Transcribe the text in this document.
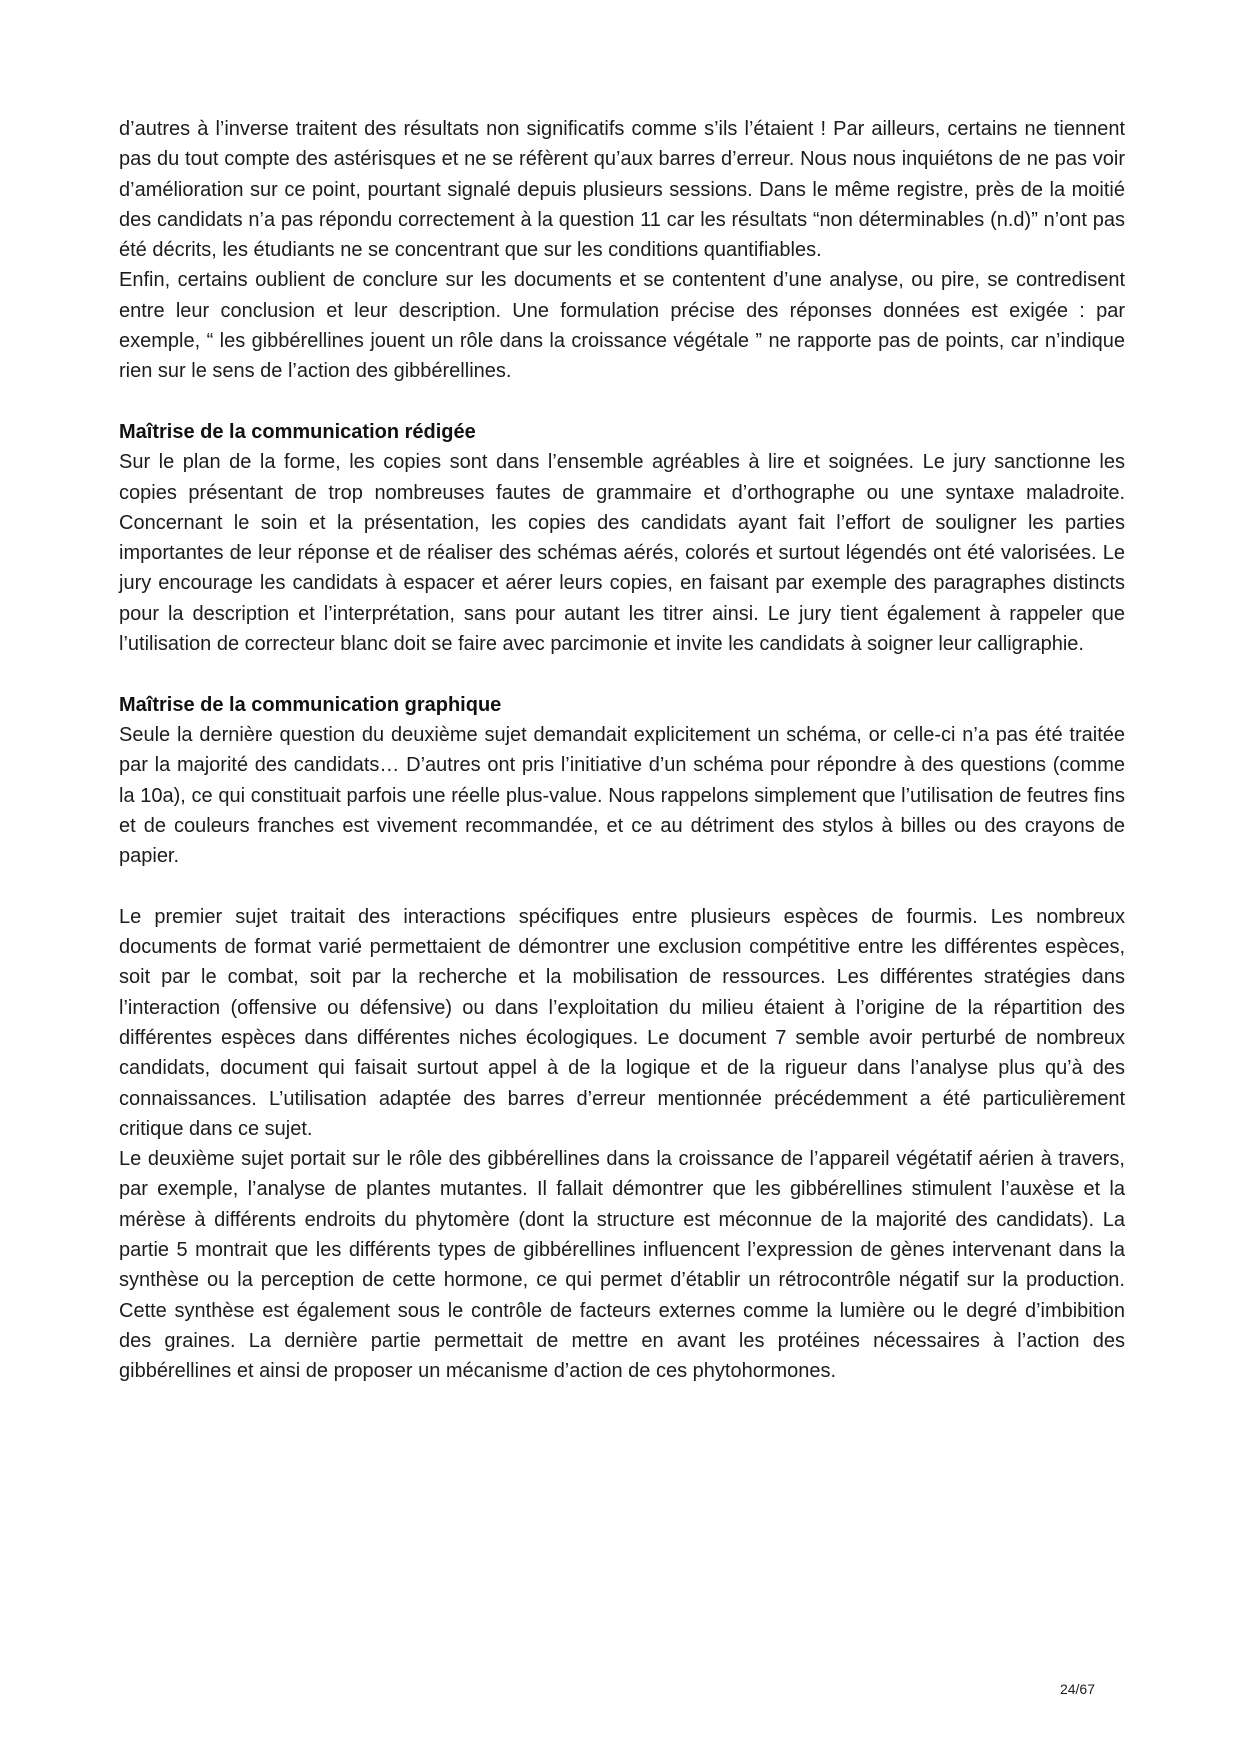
d’autres à l’inverse traitent des résultats non significatifs comme s’ils l’étaient ! Par ailleurs, certains ne tiennent pas du tout compte des astérisques et ne se réfèrent qu’aux barres d’erreur. Nous nous inquiétons de ne pas voir d’amélioration sur ce point, pourtant signalé depuis plusieurs sessions. Dans le même registre, près de la moitié des candidats n’a pas répondu correctement à la question 11 car les résultats “non déterminables (n.d)” n’ont pas été décrits, les étudiants ne se concentrant que sur les conditions quantifiables.

Enfin, certains oublient de conclure sur les documents et se contentent d’une analyse, ou pire, se contredisent entre leur conclusion et leur description. Une formulation précise des réponses données est exigée : par exemple, “ les gibbérellines jouent un rôle dans la croissance végétale ” ne rapporte pas de points, car n’indique rien sur le sens de l’action des gibbérellines.

Maîtrise de la communication rédigée

Sur le plan de la forme, les copies sont dans l’ensemble agréables à lire et soignées. Le jury sanctionne les copies présentant de trop nombreuses fautes de grammaire et d’orthographe ou une syntaxe maladroite. Concernant le soin et la présentation, les copies des candidats ayant fait l’effort de souligner les parties importantes de leur réponse et de réaliser des schémas aérés, colorés et surtout légendés ont été valorisées. Le jury encourage les candidats à espacer et aérer leurs copies, en faisant par exemple des paragraphes distincts pour la description et l’interprétation, sans pour autant les titrer ainsi. Le jury tient également à rappeler que l’utilisation de correcteur blanc doit se faire avec parcimonie et invite les candidats à soigner leur calligraphie.

Maîtrise de la communication graphique

Seule la dernière question du deuxième sujet demandait explicitement un schéma, or celle-ci n’a pas été traitée par la majorité des candidats… D’autres ont pris l’initiative d’un schéma pour répondre à des questions (comme la 10a), ce qui constituait parfois une réelle plus-value. Nous rappelons simplement que l’utilisation de feutres fins et de couleurs franches est vivement recommandée, et ce au détriment des stylos à billes ou des crayons de papier.

Le premier sujet traitait des interactions spécifiques entre plusieurs espèces de fourmis. Les nombreux documents de format varié permettaient de démontrer une exclusion compétitive entre les différentes espèces, soit par le combat, soit par la recherche et la mobilisation de ressources. Les différentes stratégies dans l’interaction (offensive ou défensive) ou dans l’exploitation du milieu étaient à l’origine de la répartition des différentes espèces dans différentes niches écologiques. Le document 7 semble avoir perturbé de nombreux candidats, document qui faisait surtout appel à de la logique et de la rigueur dans l’analyse plus qu’à des connaissances. L’utilisation adaptée des barres d’erreur mentionnée précédemment a été particulièrement critique dans ce sujet.

Le deuxième sujet portait sur le rôle des gibbérellines dans la croissance de l’appareil végétatif aérien à travers, par exemple, l’analyse de plantes mutantes. Il fallait démontrer que les gibbérellines stimulent l’auxèse et la mérèse à différents endroits du phytomère (dont la structure est méconnue de la majorité des candidats). La partie 5 montrait que les différents types de gibbérellines influencent l’expression de gènes intervenant dans la synthèse ou la perception de cette hormone, ce qui permet d’établir un rétrocontrôle négatif sur la production. Cette synthèse est également sous le contrôle de facteurs externes comme la lumière ou le degré d’imbibition des graines. La dernière partie permettait de mettre en avant les protéines nécessaires à l’action des gibbérellines et ainsi de proposer un mécanisme d’action de ces phytohormones.

24/67
